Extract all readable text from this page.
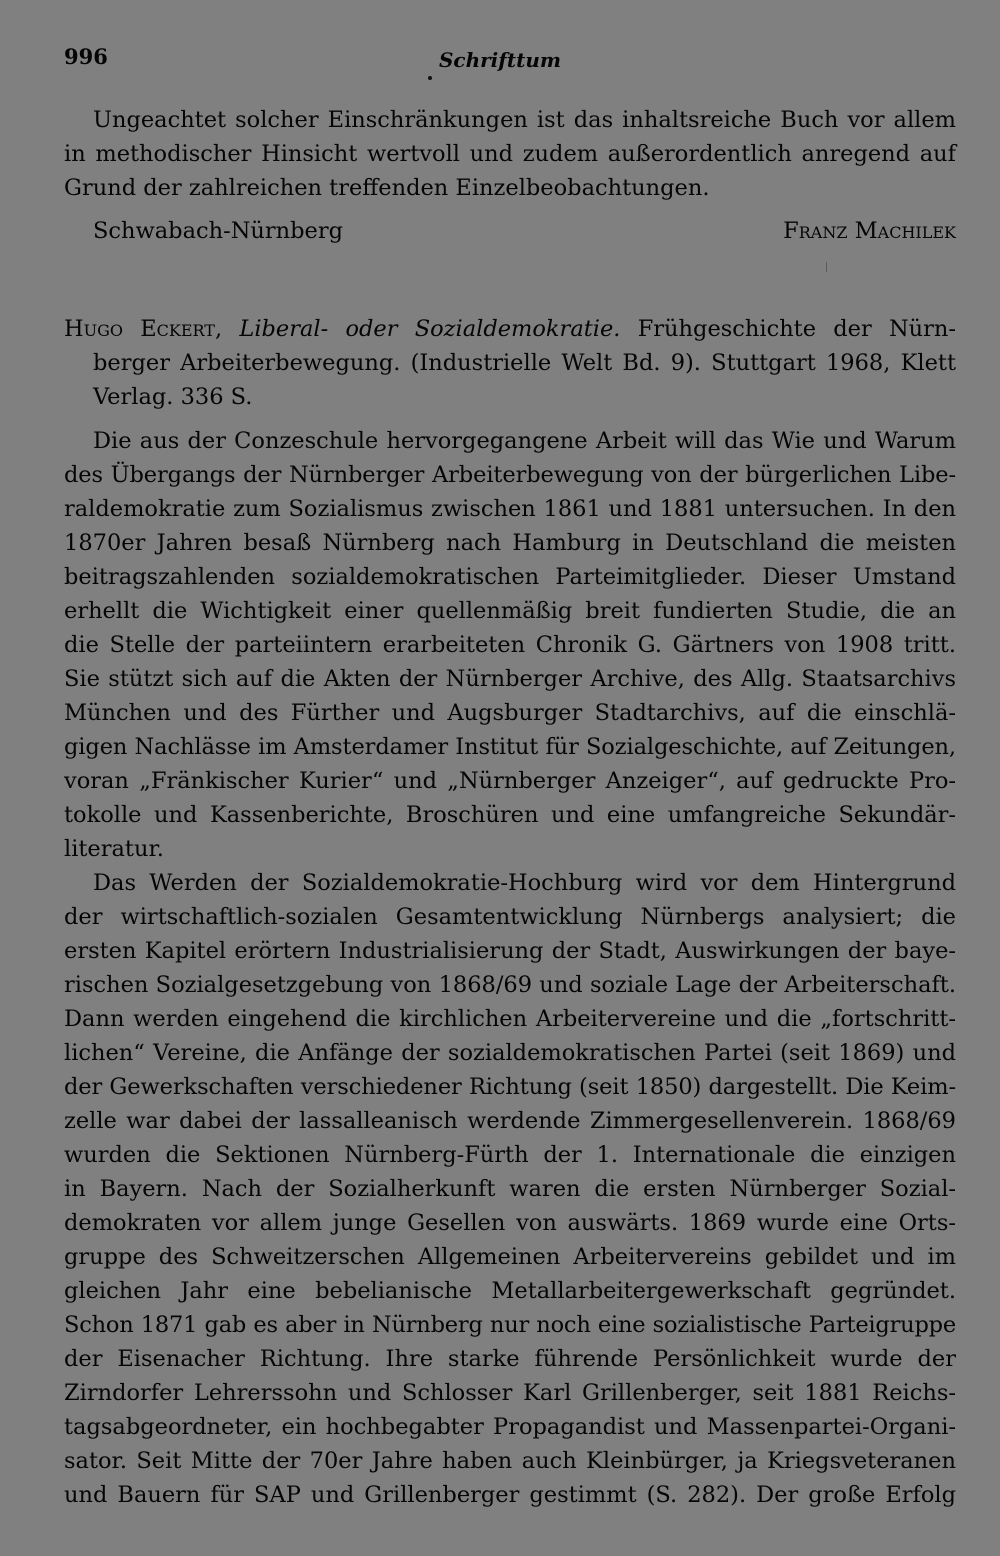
996	Schrifttum
Ungeachtet solcher Einschränkungen ist das inhaltsreiche Buch vor allem
in methodischer Hinsicht wertvoll und zudem außerordentlich anregend auf
Grund der zahlreichen treffenden Einzelbeobachtungen.
Schwabach-Nürnberg	Franz Machilek
Hugo Eckert, Liberal- oder Sozialdemokratie. Frühgeschichte der Nürn-
berger Arbeiterbewegung. (Industrielle Welt Bd. 9). Stuttgart 1968, Klett
Verlag. 336 S.
Die aus der Conzeschule hervorgegangene Arbeit will das Wie und Warum
des Übergangs der Nürnberger Arbeiterbewegung von der bürgerlichen Libe-
raldemokratie zum Sozialismus zwischen 1861 und 1881 untersuchen. In den
1870er Jahren besaß Nürnberg nach Hamburg in Deutschland die meisten
beitragszahlenden sozialdemokratischen Parteimitglieder. Dieser Umstand
erhellt die Wichtigkeit einer quellenmäßig breit fundierten Studie, die an
die Stelle der parteiintern erarbeiteten Chronik G. Gärtners von 1908 tritt.
Sie stützt sich auf die Akten der Nürnberger Archive, des Allg. Staatsarchivs
München und des Fürther und Augsburger Stadtarchivs, auf die einschlä-
gigen Nachlässe im Amsterdamer Institut für Sozialgeschichte, auf Zeitungen,
voran „Fränkischer Kurier“ und „Nürnberger Anzeiger“, auf gedruckte Pro-
tokolle und Kassenberichte, Broschüren und eine umfangreiche Sekundär-
literatur.
Das Werden der Sozialdemokratie-Hochburg wird vor dem Hintergrund
der wirtschaftlich-sozialen Gesamtentwicklung Nürnbergs analysiert; die
ersten Kapitel erörtern Industrialisierung der Stadt, Auswirkungen der baye-
rischen Sozialgesetzgebung von 1868/69 und soziale Lage der Arbeiterschaft.
Dann werden eingehend die kirchlichen Arbeitervereine und die „fortschritt-
lichen“ Vereine, die Anfänge der sozialdemokratischen Partei (seit 1869) und
der Gewerkschaften verschiedener Richtung (seit 1850) dargestellt. Die Keim-
zelle war dabei der lassalleanisch werdende Zimmergesellenverein. 1868/69
wurden die Sektionen Nürnberg-Fürth der 1. Internationale die einzigen
in Bayern. Nach der Sozialherkunft waren die ersten Nürnberger Sozial-
demokraten vor allem junge Gesellen von auswärts. 1869 wurde eine Orts-
gruppe des Schweitzerschen Allgemeinen Arbeitervereins gebildet und im
gleichen Jahr eine bebelianische Metallarbeitergewerkschaft gegründet.
Schon 1871 gab es aber in Nürnberg nur noch eine sozialistische Parteigruppe
der Eisenacher Richtung. Ihre starke führende Persönlichkeit wurde der
Zirndorfer Lehrerssohn und Schlosser Karl Grillenberger, seit 1881 Reichs-
tagsabgeordneter, ein hochbegabter Propagandist und Massenpartei-Organi-
sator. Seit Mitte der 70er Jahre haben auch Kleinbürger, ja Kriegsveteranen
und Bauern für SAP und Grillenberger gestimmt (S. 282). Der große Erfolg
